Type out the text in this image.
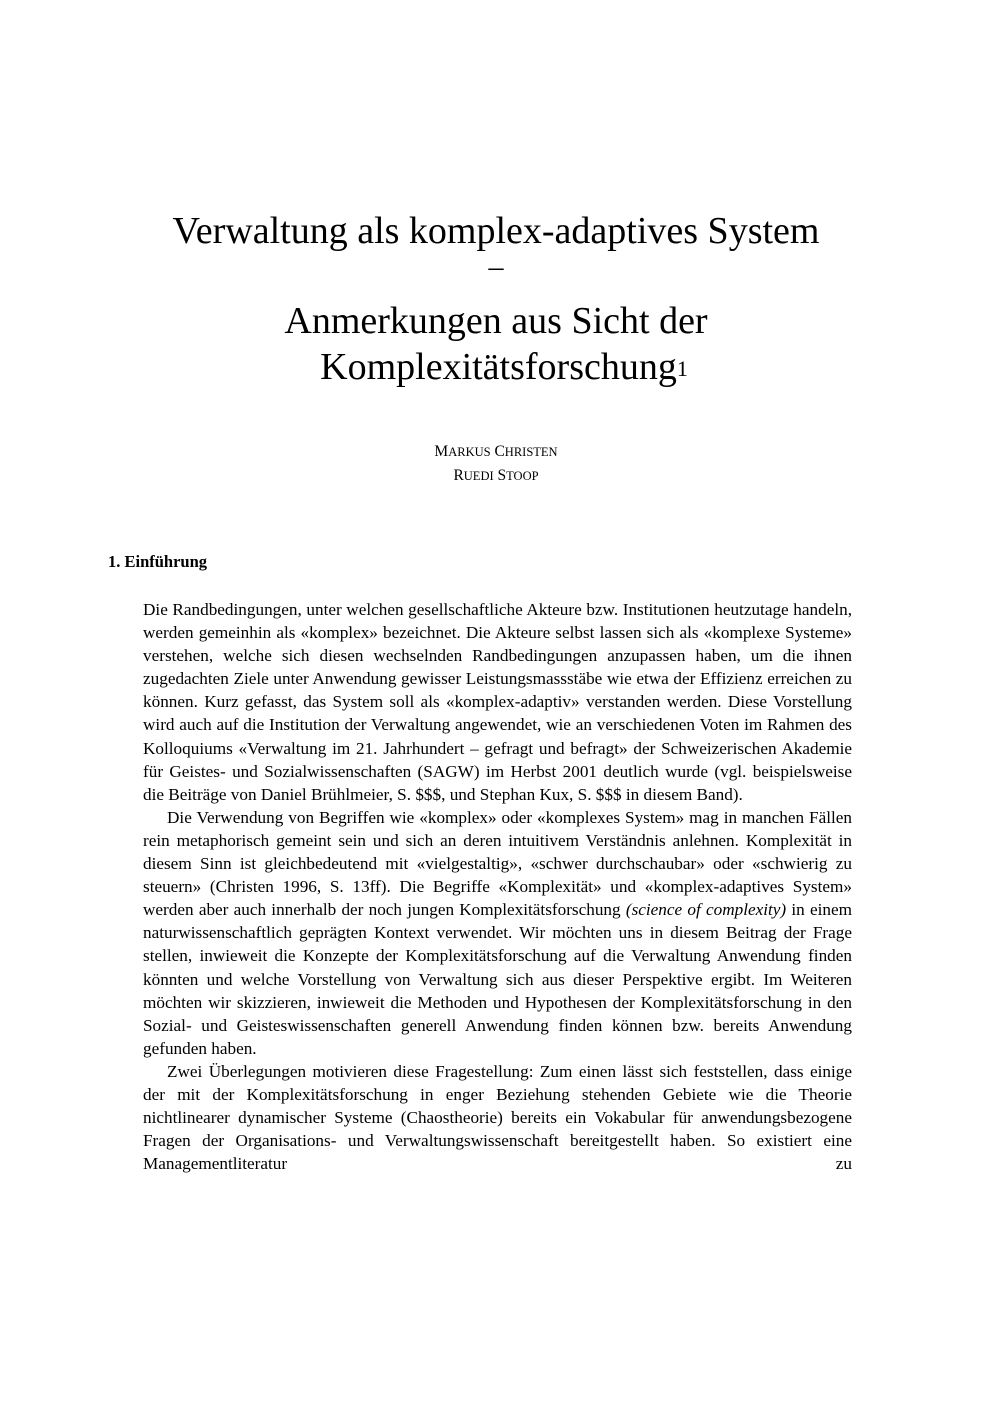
Verwaltung als komplex-adaptives System
–
Anmerkungen aus Sicht der
Komplexitätsforschung$^1$
MARKUS CHRISTEN
RUEDI STOOP
1. Einführung

Die Randbedingungen, unter welchen gesellschaftliche Akteure bzw. Institutionen heutzutage handeln, werden gemeinhin als «komplex» bezeichnet. Die Akteure selbst lassen sich als «komplexe Systeme» verstehen, welche sich diesen wechselnden Randbedingungen anzupassen haben, um die ihnen zugedachten Ziele unter Anwendung gewisser Leistungsmassstäbe wie etwa der Effizienz erreichen zu können. Kurz gefasst, das System soll als «komplex-adaptiv» verstanden werden. Diese Vorstellung wird auch auf die Institution der Verwaltung angewendet, wie an verschiedenen Voten im Rahmen des Kolloquiums «Verwaltung im 21. Jahrhundert – gefragt und befragt» der Schweizerischen Akademie für Geistes- und Sozialwissenschaften (SAGW) im Herbst 2001 deutlich wurde (vgl. beispielsweise die Beiträge von Daniel Brühlmeier, S. $$$, und Stephan Kux, S. $$$ in diesem Band).

Die Verwendung von Begriffen wie «komplex» oder «komplexes System» mag in manchen Fällen rein metaphorisch gemeint sein und sich an deren intuitivem Verständnis anlehnen. Komplexität in diesem Sinn ist gleichbedeutend mit «vielgestaltig», «schwer durchschaubar» oder «schwierig zu steuern» (Christen 1996, S. 13ff). Die Begriffe «Komplexität» und «komplex-adaptives System» werden aber auch innerhalb der noch jungen Komplexitätsforschung (science of complexity) in einem naturwissenschaftlich geprägten Kontext verwendet. Wir möchten uns in diesem Beitrag der Frage stellen, inwieweit die Konzepte der Komplexitätsforschung auf die Verwaltung Anwendung finden könnten und welche Vorstellung von Verwaltung sich aus dieser Perspektive ergibt. Im Weiteren möchten wir skizzieren, inwieweit die Methoden und Hypothesen der Komplexitätsforschung in den Sozial- und Geisteswissenschaften generell Anwendung finden können bzw. bereits Anwendung gefunden haben.

Zwei Überlegungen motivieren diese Fragestellung: Zum einen lässt sich feststellen, dass einige der mit der Komplexitätsforschung in enger Beziehung stehenden Gebiete wie die Theorie nichtlinearer dynamischer Systeme (Chaostheorie) bereits ein Vokabular für anwendungsbezogene Fragen der Organisations- und Verwaltungswissenschaft bereitgestellt haben. So existiert eine Managementliteratur zu
